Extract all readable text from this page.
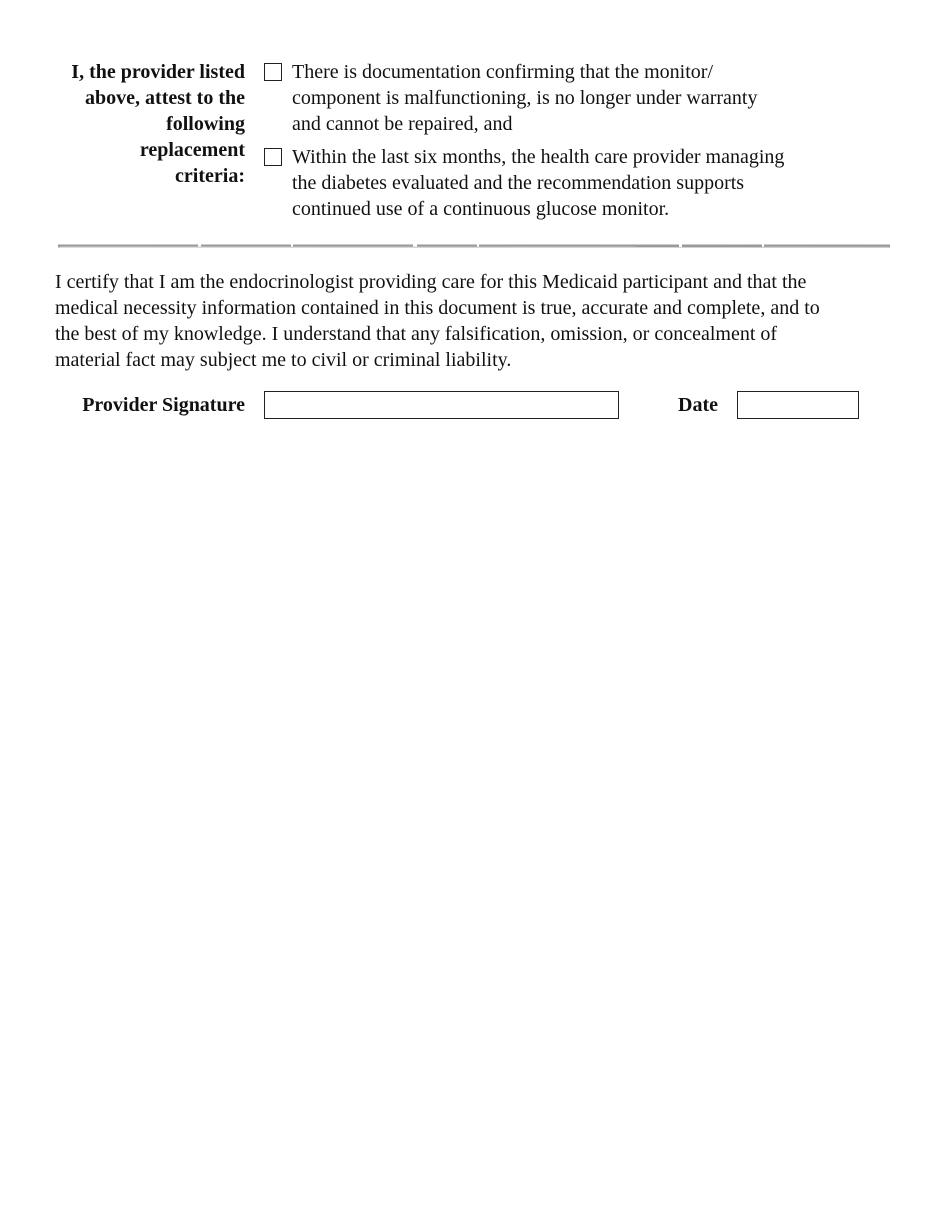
I, the provider listed
above, attest to the
following
replacement
criteria:
There is documentation confirming that the monitor/
component is malfunctioning, is no longer under warranty
and cannot be repaired, and
Within the last six months, the health care provider managing
the diabetes evaluated and the recommendation supports
continued use of a continuous glucose monitor.
I certify that I am the endocrinologist providing care for this Medicaid participant and that the
medical necessity information contained in this document is true, accurate and complete, and to
the best of my knowledge. I understand that any falsification, omission, or concealment of
material fact may subject me to civil or criminal liability.
Provider Signature	Date
